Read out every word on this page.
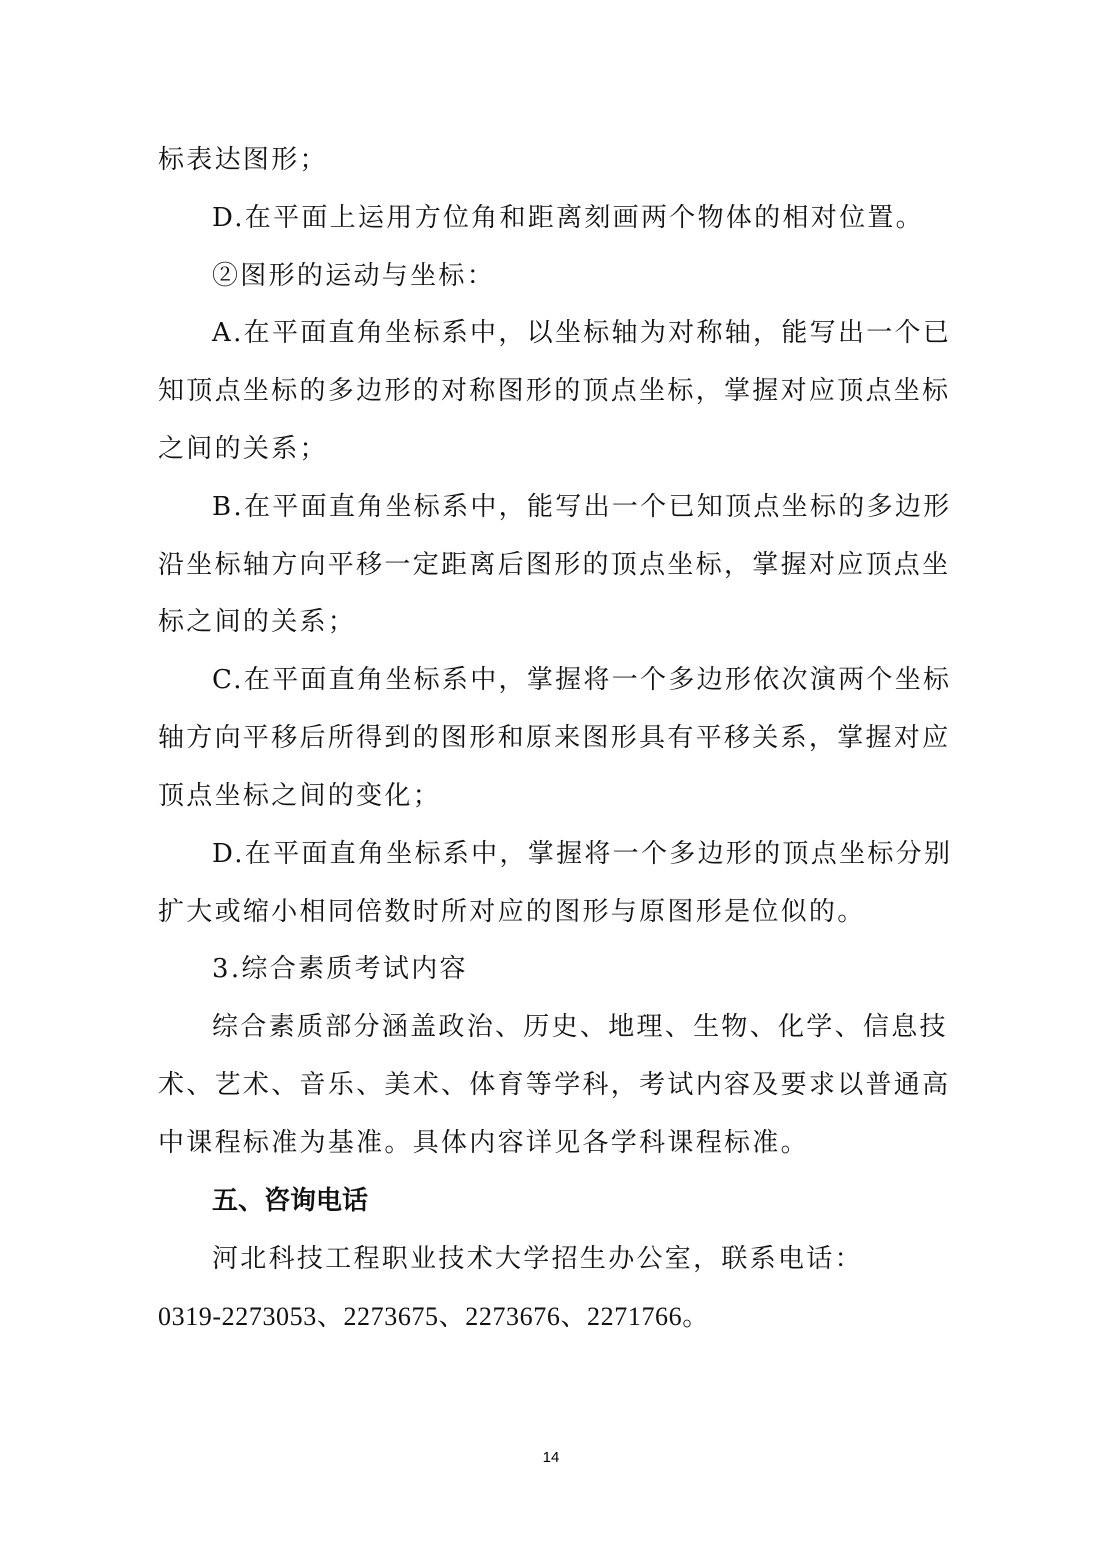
标表达图形；
D.在平面上运用方位角和距离刻画两个物体的相对位置。
②图形的运动与坐标：
A.在平面直角坐标系中，以坐标轴为对称轴，能写出一个已
知顶点坐标的多边形的对称图形的顶点坐标，掌握对应顶点坐标
之间的关系；
B.在平面直角坐标系中，能写出一个已知顶点坐标的多边形
沿坐标轴方向平移一定距离后图形的顶点坐标，掌握对应顶点坐
标之间的关系；
C.在平面直角坐标系中，掌握将一个多边形依次演两个坐标
轴方向平移后所得到的图形和原来图形具有平移关系，掌握对应
顶点坐标之间的变化；
D.在平面直角坐标系中，掌握将一个多边形的顶点坐标分别
扩大或缩小相同倍数时所对应的图形与原图形是位似的。
3.综合素质考试内容
综合素质部分涵盖政治、历史、地理、生物、化学、信息技
术、艺术、音乐、美术、体育等学科，考试内容及要求以普通高
中课程标准为基准。具体内容详见各学科课程标准。
五、咨询电话
河北科技工程职业技术大学招生办公室，联系电话：
0319-2273053、2273675、2273676、2271766。
14
